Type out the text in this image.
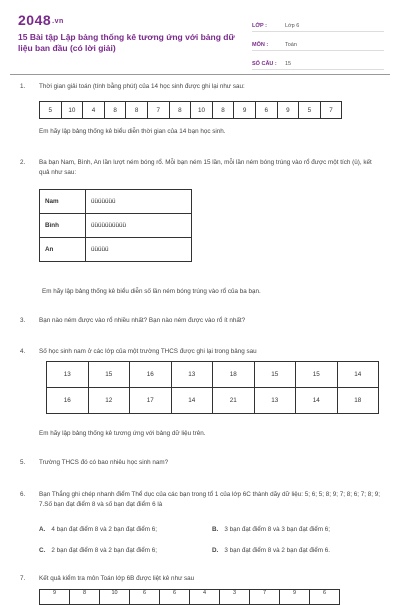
2048.vn
15 Bài tập Lập bảng thống kê tương ứng với bảng dữ liệu ban đầu (có lời giải)
LỚP :	Lớp 6
MÔN :	Toán
SỐ CÂU :	15
1.	Thời gian giải toán (tính bằng phút) của 14 học sinh được ghi lại như sau:
5	10	4	8	8	7	8	10	8	9	6	9	5	7
Em hãy lập bảng thống kê biểu diễn thời gian của 14 bạn học sinh.
2.	Ba bạn Nam, Bình, An lần lượt ném bóng rổ. Mỗi bạn ném 15 lần, mỗi lần ném bóng trúng vào rổ được một tích (ü), kết quả như sau:
Nam	üüüüüüü
Bình	üüüüüüüüüü
An	üüüüü
Em hãy lập bảng thống kê biểu diễn số lần ném bóng trúng vào rổ của ba bạn.
3.	Bạn nào ném được vào rổ nhiều nhất? Bạn nào ném được vào rổ ít nhất?
4.	Số học sinh nam ở các lớp của một trường THCS được ghi lại trong bảng sau
13	15	16	13	18	15	15	14
16	12	17	14	21	13	14	18
Em hãy lập bảng thống kê tương ứng với bảng dữ liệu trên.
5.	Trường THCS đó có bao nhiêu học sinh nam?
6.	Bạn Thắng ghi chép nhanh điểm Thể dục của các bạn trong tổ 1 của lớp 6C thành dãy dữ liệu: 5; 6; 5; 8; 9; 7; 8; 6; 7; 8; 9; 7.Số bạn đạt điểm 8 và số bạn đạt điểm 6 là
A. 4 bạn đạt điểm 8 và 2 bạn đạt điểm 6;	B. 3 bạn đạt điểm 8 và 3 bạn đạt điểm 6;
C. 2 bạn đạt điểm 8 và 2 bạn đạt điểm 6;	D. 3 bạn đạt điểm 8 và 2 bạn đạt điểm 6.
7.	Kết quả kiểm tra môn Toán lớp 6B được liệt kê như sau
9	8	10	6	6	4	3	7	9	6
